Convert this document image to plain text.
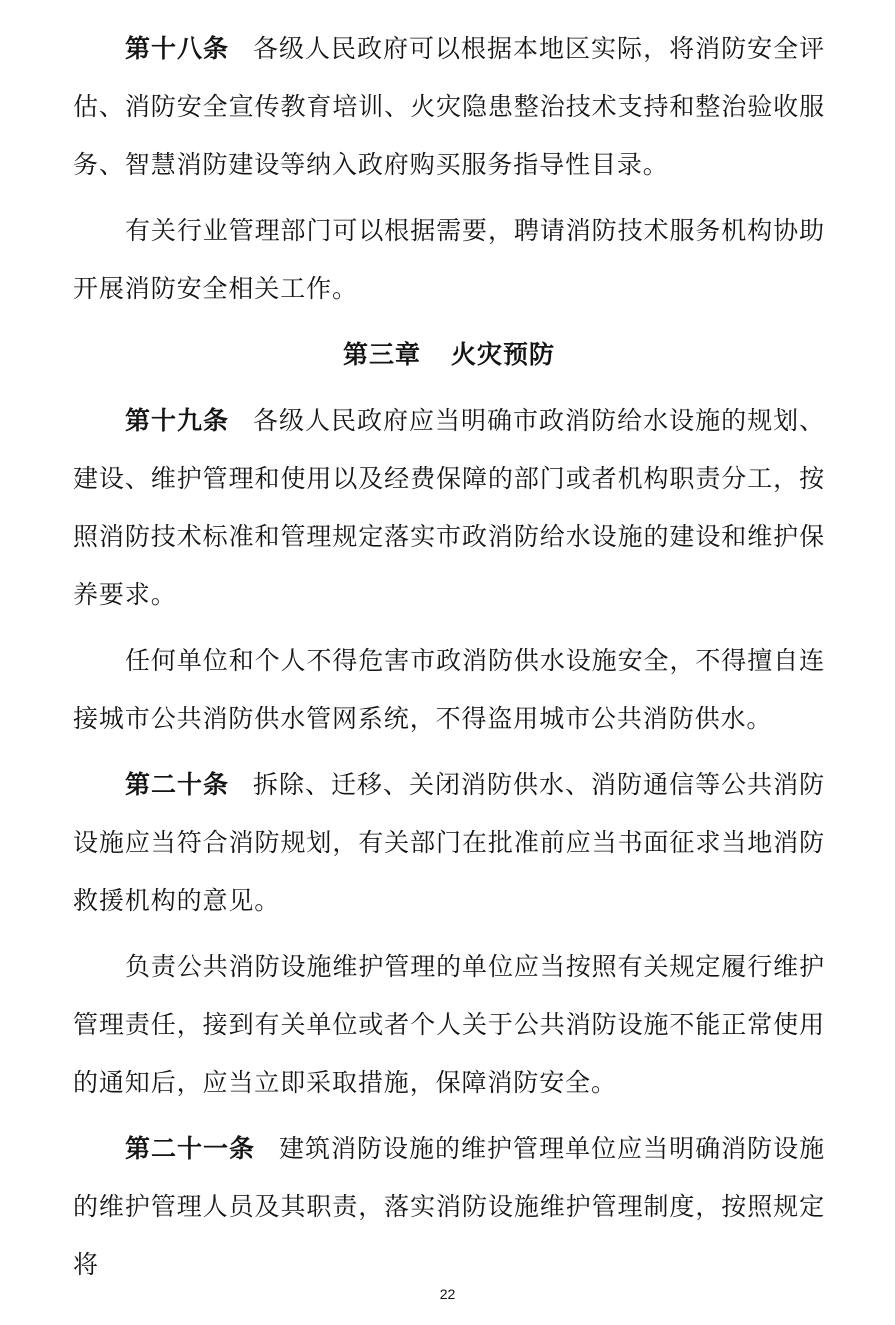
第十八条 各级人民政府可以根据本地区实际，将消防安全评估、消防安全宣传教育培训、火灾隐患整治技术支持和整治验收服务、智慧消防建设等纳入政府购买服务指导性目录。

有关行业管理部门可以根据需要，聘请消防技术服务机构协助开展消防安全相关工作。

第三章 火灾预防

第十九条 各级人民政府应当明确市政消防给水设施的规划、建设、维护管理和使用以及经费保障的部门或者机构职责分工，按照消防技术标准和管理规定落实市政消防给水设施的建设和维护保养要求。

任何单位和个人不得危害市政消防供水设施安全，不得擅自连接城市公共消防供水管网系统，不得盗用城市公共消防供水。

第二十条 拆除、迁移、关闭消防供水、消防通信等公共消防设施应当符合消防规划，有关部门在批准前应当书面征求当地消防救援机构的意见。

负责公共消防设施维护管理的单位应当按照有关规定履行维护管理责任，接到有关单位或者个人关于公共消防设施不能正常使用的通知后，应当立即采取措施，保障消防安全。

第二十一条 建筑消防设施的维护管理单位应当明确消防设施的维护管理人员及其职责，落实消防设施维护管理制度，按照规定将

22
